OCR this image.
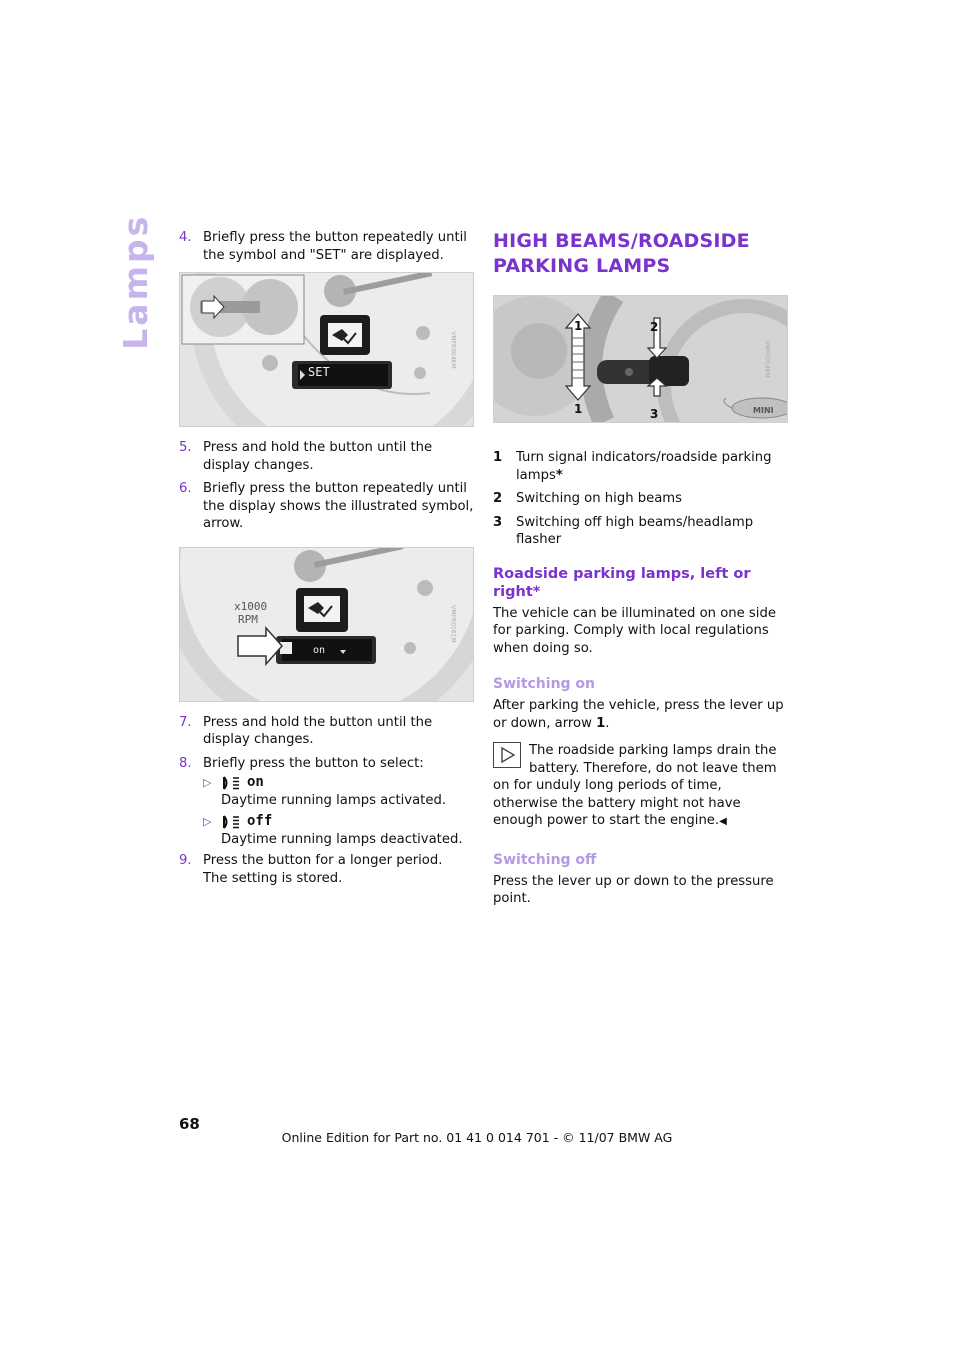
Lamps 4. Briefly press the button repeatedly until the symbol and "SET" are displayed.
SET
VMFR0046M
5. Press and hold the button until the display changes.
6. Briefly press the button repeatedly until the display shows the illustrated symbol, arrow.
x1000
RPM
on
VMFR0161M
7. Press and hold the button until the display changes.
8. Briefly press the button to select:
▷	on
Daytime running lamps activated.
▷	off
Daytime running lamps deactivated.
9. Press the button for a longer period.
The setting is stored.
HIGH BEAMS/ROADSIDE
PARKING LAMPS
1	2
1	3	MINI
VMFR0148M
1	Turn signal indicators/roadside parking lamps*
2	Switching on high beams
3	Switching off high beams/headlamp flasher
Roadside parking lamps, left or right*

The vehicle can be illuminated on one side for parking. Comply with local regulations when doing so.

Switching on

After parking the vehicle, press the lever up or down, arrow 1.

The roadside parking lamps drain the battery. Therefore, do not leave them on for unduly long periods of time, otherwise the battery might not have enough power to start the engine.◀
Switching off

Press the lever up or down to the pressure point.

68
Online Edition for Part no. 01 41 0 014 701 - © 11/07 BMW AG
